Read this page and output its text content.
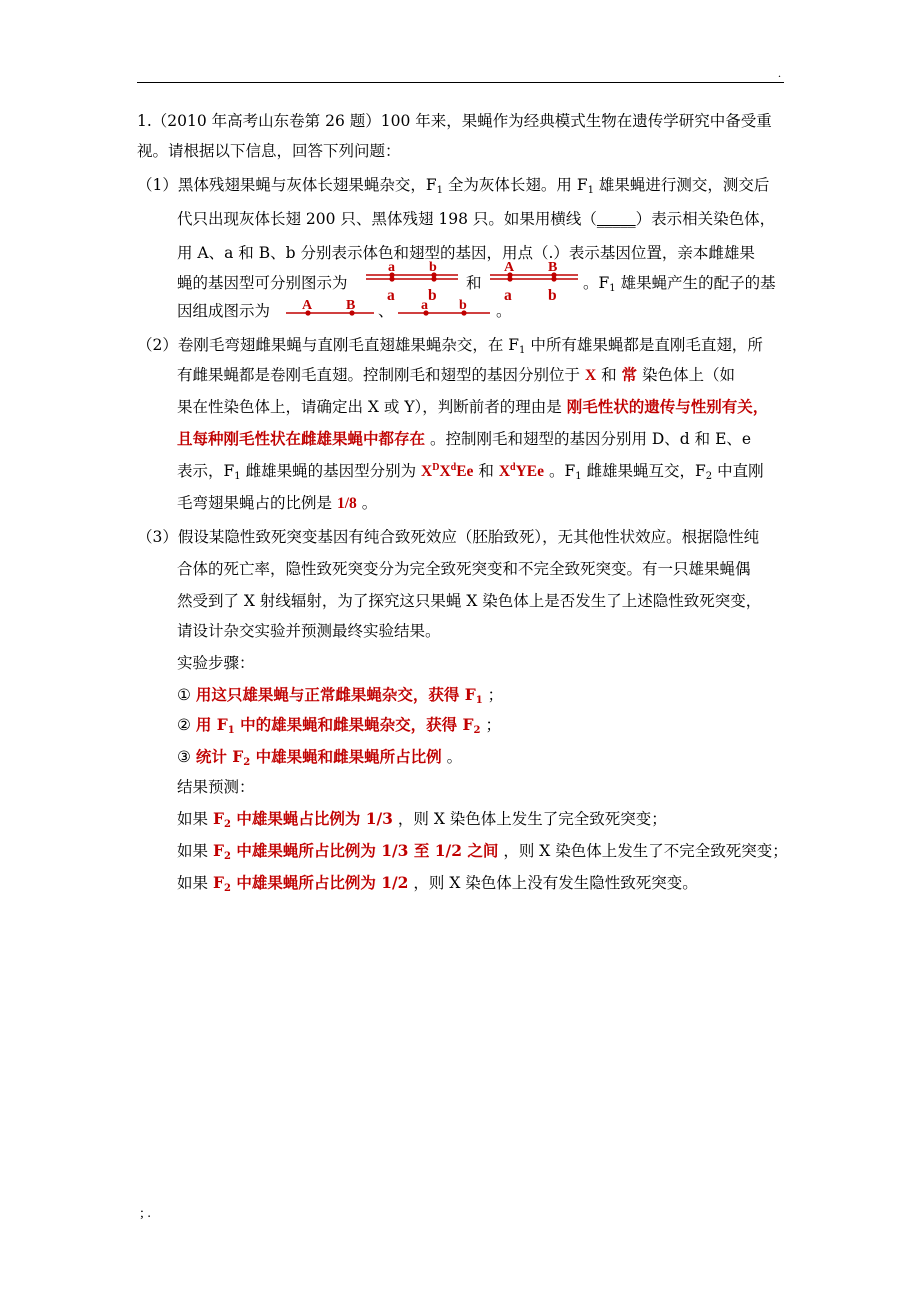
.
1.（2010 年高考山东卷第 26 题）100 年来，果蝇作为经典模式生物在遗传学研究中备受重
视。请根据以下信息，回答下列问题：
（1）黑体残翅果蝇与灰体长翅果蝇杂交，$F_1$ 全为灰体长翅。用 $F_1$ 雄果蝇进行测交，测交后
代只出现灰体长翅 200 只、黑体残翅 198 只。如果用横线（_____）表示相关染色体，
用 A、a 和 B、b 分别表示体色和翅型的基因，用点（.）表示基因位置，亲本雌雄果
蝇的基因型可分别图示为
a b
a b
和
A B
a b
。$F_1$ 雄果蝇产生的配子的基
因组成图示为 A B 、 a b 。
（2）卷刚毛弯翅雌果蝇与直刚毛直翅雄果蝇杂交，在 $F_1$ 中所有雄果蝇都是直刚毛直翅，所
有雌果蝇都是卷刚毛直翅。控制刚毛和翅型的基因分别位于 X 和 常 染色体上（如
果在性染色体上，请确定出 X 或 Y），判断前者的理由是 刚毛性状的遗传与性别有关，
且每种刚毛性状在雌雄果蝇中都存在 。控制刚毛和翅型的基因分别用 D、d 和 E、e
表示，$F_1$ 雌雄果蝇的基因型分别为 $X^DX^dEe$ 和 $X^dYEe$ 。$F_1$ 雌雄果蝇互交，$F_2$ 中直刚
毛弯翅果蝇占的比例是 1/8 。
（3）假设某隐性致死突变基因有纯合致死效应（胚胎致死），无其他性状效应。根据隐性纯
合体的死亡率，隐性致死突变分为完全致死突变和不完全致死突变。有一只雄果蝇偶
然受到了 X 射线辐射，为了探究这只果蝇 X 染色体上是否发生了上述隐性致死突变，
请设计杂交实验并预测最终实验结果。
实验步骤：
① 用这只雄果蝇与正常雌果蝇杂交，获得 $F_1$ ；
② 用 $F_1$ 中的雄果蝇和雌果蝇杂交，获得 $F_2$ ；
③ 统计 $F_2$ 中雄果蝇和雌果蝇所占比例 。
结果预测：
如果 $F_2$ 中雄果蝇占比例为 1/3 ，则 X 染色体上发生了完全致死突变；
如果 $F_2$ 中雄果蝇所占比例为 1/3 至 1/2 之间 ，则 X 染色体上发生了不完全致死突变；
如果 $F_2$ 中雄果蝇所占比例为 1/2 ，则 X 染色体上没有发生隐性致死突变。
; .
